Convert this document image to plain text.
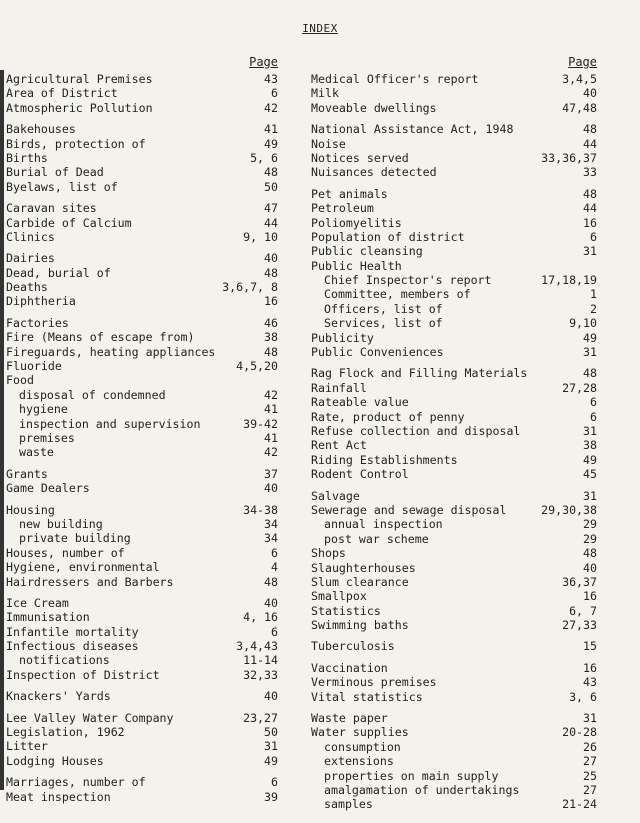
INDEX
Page
Agricultural Premises	43
Area of District	6
Atmospheric Pollution	42
Bakehouses	41
Birds, protection of	49
Births	5, 6
Burial of Dead	48
Byelaws, list of	50
Caravan sites	47
Carbide of Calcium	44
Clinics	9, 10
Dairies	40
Dead, burial of	48
Deaths	3,6,7, 8
Diphtheria	16
Factories	46
Fire (Means of escape from)	38
Fireguards, heating appliances	48
Fluoride	4,5,20
Food
disposal of condemned	42
hygiene	41
inspection and supervision	39-42
premises	41
waste	42
Grants	37
Game Dealers	40
Housing	34-38
new building	34
private building	34
Houses, number of	6
Hygiene, environmental	4
Hairdressers and Barbers	48
Ice Cream	40
Immunisation	4, 16
Infantile mortality	6
Infectious diseases	3,4,43
notifications	11-14
Inspection of District	32,33
Knackers' Yards	40
Lee Valley Water Company	23,27
Legislation, 1962	50
Litter	31
Lodging Houses	49
Marriages, number of	6
Meat inspection	39
Page
Medical Officer's report	3,4,5
Milk	40
Moveable dwellings	47,48
National Assistance Act, 1948	48
Noise	44
Notices served	33,36,37
Nuisances detected	33
Pet animals	48
Petroleum	44
Poliomyelitis	16
Population of district	6
Public cleansing	31
Public Health
Chief Inspector's report	17,18,19
Committee, members of	1
Officers, list of	2
Services, list of	9,10
Publicity	49
Public Conveniences	31
Rag Flock and Filling Materials	48
Rainfall	27,28
Rateable value	6
Rate, product of penny	6
Refuse collection and disposal	31
Rent Act	38
Riding Establishments	49
Rodent Control	45
Salvage	31
Sewerage and sewage disposal	29,30,38
annual inspection	29
post war scheme	29
Shops	48
Slaughterhouses	40
Slum clearance	36,37
Smallpox	16
Statistics	6, 7
Swimming baths	27,33
Tuberculosis	15
Vaccination	16
Verminous premises	43
Vital statistics	3, 6
Waste paper	31
Water supplies	20-28
consumption	26
extensions	27
properties on main supply	25
amalgamation of undertakings	27
samples	21-24
